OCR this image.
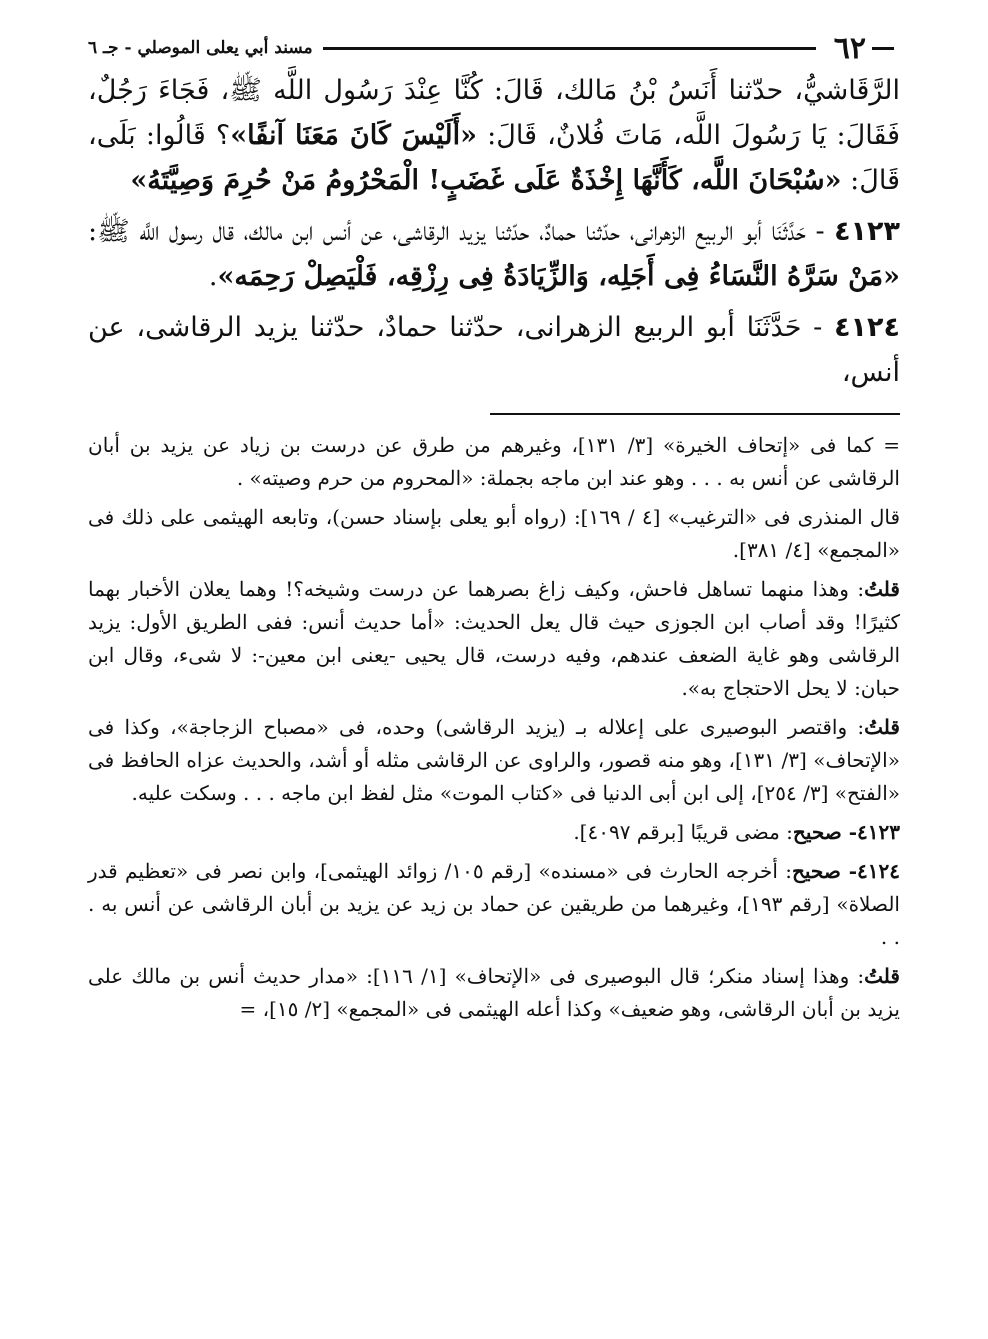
٦٢
مسند أبي يعلى الموصلي - جـ ٦

الرَّقَاشيُّ، حدّثنا أَنَسُ بْنُ مَالك، قَالَ: كُنَّا عِنْدَ رَسُول اللَّه ﷺ، فَجَاءَ رَجُلٌ، فَقَالَ: يَا رَسُولَ اللَّه، مَاتَ فُلانٌ، قَالَ: «أَلَيْسَ كَانَ مَعَنَا آنفًا»؟ قَالُوا: بَلَى، قَالَ: «سُبْحَانَ اللَّه، كَأَنَّهَا إِخْذَةٌ عَلَى غَضَبٍ! الْمَحْرُومُ مَنْ حُرِمَ وَصِيَّتَهُ»

٤١٢٣ - حَدَّثَنَا أبو الربيع الزهرانى، حدّثنا حمادٌ، حدّثنا يزيد الرقاشى، عن أنس ابن مالك، قال رسول اللَّه ﷺ: «مَنْ سَرَّهُ النَّسَاءُ فِى أَجَلِه، وَالزِّيَادَةُ فِى رِزْقِه، فَلْيَصِلْ رَحِمَه».

٤١٢٤ - حَدَّثَنَا أبو الربيع الزهرانى، حدّثنا حمادٌ، حدّثنا يزيد الرقاشى، عن أنس،

= كما فى «إتحاف الخيرة» [٣/ ١٣١]، وغيرهم من طرق عن درست بن زياد عن يزيد بن أبان الرقاشى عن أنس به . . . وهو عند ابن ماجه بجملة: «المحروم من حرم وصيته» .

قال المنذرى فى «الترغيب» [٤ / ١٦٩]: (رواه أبو يعلى بإسناد حسن)، وتابعه الهيثمى على ذلك فى «المجمع» [٤/ ٣٨١].

قلتُ: وهذا منهما تساهل فاحش، وكيف زاغ بصرهما عن درست وشيخه؟! وهما يعلان الأخبار بهما كثيرًا! وقد أصاب ابن الجوزى حيث قال يعل الحديث: «أما حديث أنس: ففى الطريق الأول: يزيد الرقاشى وهو غاية الضعف عندهم، وفيه درست، قال يحيى -يعنى ابن معين-: لا شىء، وقال ابن حبان: لا يحل الاحتجاج به».

قلتُ: واقتصر البوصيرى على إعلاله بـ (يزيد الرقاشى) وحده، فى «مصباح الزجاجة»، وكذا فى «الإتحاف» [٣/ ١٣١]، وهو منه قصور، والراوى عن الرقاشى مثله أو أشد، والحديث عزاه الحافظ فى «الفتح» [٣/ ٢٥٤]، إلى ابن أبى الدنيا فى «كتاب الموت» مثل لفظ ابن ماجه . . . وسكت عليه.

٤١٢٣- صحيح: مضى قريبًا [برقم ٤٠٩٧].

٤١٢٤- صحيح: أخرجه الحارث فى «مسنده» [رقم ١٠٥/ زوائد الهيثمى]، وابن نصر فى «تعظيم قدر الصلاة» [رقم ١٩٣]، وغيرهما من طريقين عن حماد بن زيد عن يزيد بن أبان الرقاشى عن أنس به . . .

قلتُ: وهذا إسناد منكر؛ قال البوصيرى فى «الإتحاف» [١/ ١١٦]: «مدار حديث أنس بن مالك على يزيد بن أبان الرقاشى، وهو ضعيف» وكذا أعله الهيثمى فى «المجمع» [٢/ ١٥]، =
